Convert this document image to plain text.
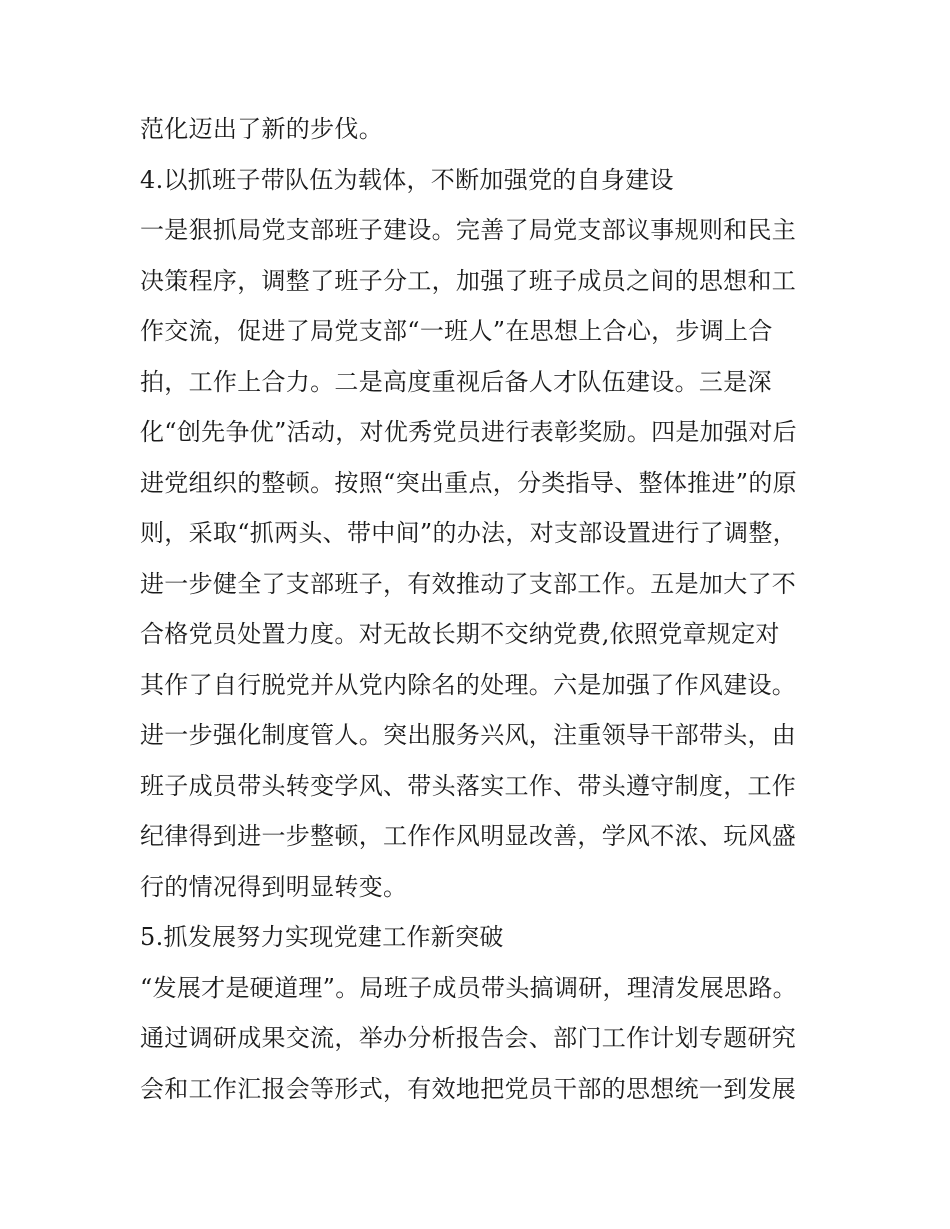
范化迈出了新的步伐。
4.以抓班子带队伍为载体，不断加强党的自身建设
一是狠抓局党支部班子建设。完善了局党支部议事规则和民主
决策程序，调整了班子分工，加强了班子成员之间的思想和工
作交流，促进了局党支部“一班人”在思想上合心，步调上合
拍，工作上合力。二是高度重视后备人才队伍建设。三是深
化“创先争优”活动，对优秀党员进行表彰奖励。四是加强对后
进党组织的整顿。按照“突出重点，分类指导、整体推进”的原
则，采取“抓两头、带中间”的办法，对支部设置进行了调整，
进一步健全了支部班子，有效推动了支部工作。五是加大了不
合格党员处置力度。对无故长期不交纳党费,依照党章规定对
其作了自行脱党并从党内除名的处理。六是加强了作风建设。
进一步强化制度管人。突出服务兴风，注重领导干部带头，由
班子成员带头转变学风、带头落实工作、带头遵守制度，工作
纪律得到进一步整顿，工作作风明显改善，学风不浓、玩风盛
行的情况得到明显转变。
5.抓发展努力实现党建工作新突破
“发展才是硬道理”。局班子成员带头搞调研，理清发展思路。
通过调研成果交流，举办分析报告会、部门工作计划专题研究
会和工作汇报会等形式，有效地把党员干部的思想统一到发展
